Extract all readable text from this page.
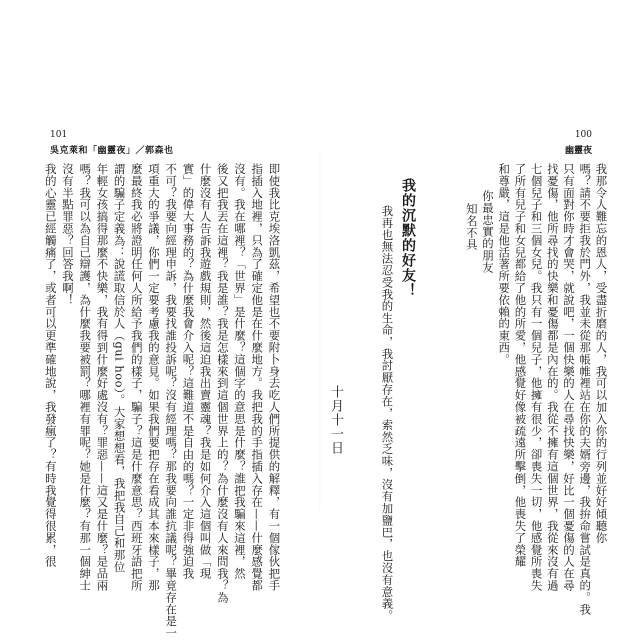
101
吳克萊和「幽靈夜」／郭森也
即使我比克埃洛凱茲，希望也不要附卜身去吃人們所提供的解釋，有一個傢伙把手
指插入地裡，只為了確定他是在什麼地方。我把我的手指插入存在——什麼感覺都
沒有。我在哪裡？「世界」是什麼？這個字的意思是什麼？誰把我騙來這裡，然
後又把我丟在這裡？我是誰？我是怎樣來到這個世界上的？為什麼沒有人來問我？為
什麼沒有人告訴我遊戲規則，然後這迫我出賣靈魂？我是如何介入這個叫做「現
實」的偉大事務的？為什麼我會介入呢？這難道不是自由的嗎？一定非得強迫我
不可？我要向經理申訴，我要找誰投訴呢？沒有經理嗎？那我要向誰抗議呢？畢竟存在是一
項重大的爭議，你們一定要考慮我的意見。如果我們要把存在看成其本來樣子，那
麼最終我必將證明任何人所給予我們的樣子，騙子？這是什麼意思？西班牙語把所
謂的騙子定義為：說謊取信於人（gui hoo）。大家想想看，我把我自己和那位
年輕女孩搞得那麼不快樂，我有得到什麼好處沒有？罪惡——這又是什麼？是品兩
嗎？我可以為自己辯護，為什麼我要被罰？哪裡有罪呢？她是什麼？有那一個紳士
沒有半點罪惡？回答我啊！
我的心靈已經觸痛了，或者可以更準確地說，我發瘋了？有時我覺得很累，很
100
幽靈夜
我那令人難忘的恩人，受盡折磨的人，我可以加入你的行列並好好傾聽你
嗎？請不要拒我於門外，我並未從那帳帷裡站在你的夫婿旁邊，我拚命嘗試是真的。我
只有面對你時才會哭，就說吧，一個快樂的人在尋找快樂，好比一個憂傷的人在尋
找憂傷，他所尋找的快樂和憂傷都是內在的。我從不擁有這個世界，我從來沒有過
七個兒子和三個女兒。我只有一個兒子，他擁有很少，卻喪失一切，他感覺所喪失
了所有兒子和女兒都給了他的所愛，他感覺好像被疏遠所擊倒，他喪失了榮耀
和尊嚴，這是他活著所要依賴的東西。
你最忠實的朋友
知名不具
我的沉默的好友！
我再也無法忍受我的生命，我討厭存在，索然乏味，沒有加鹽巴，也沒有意義。
十月十一日
